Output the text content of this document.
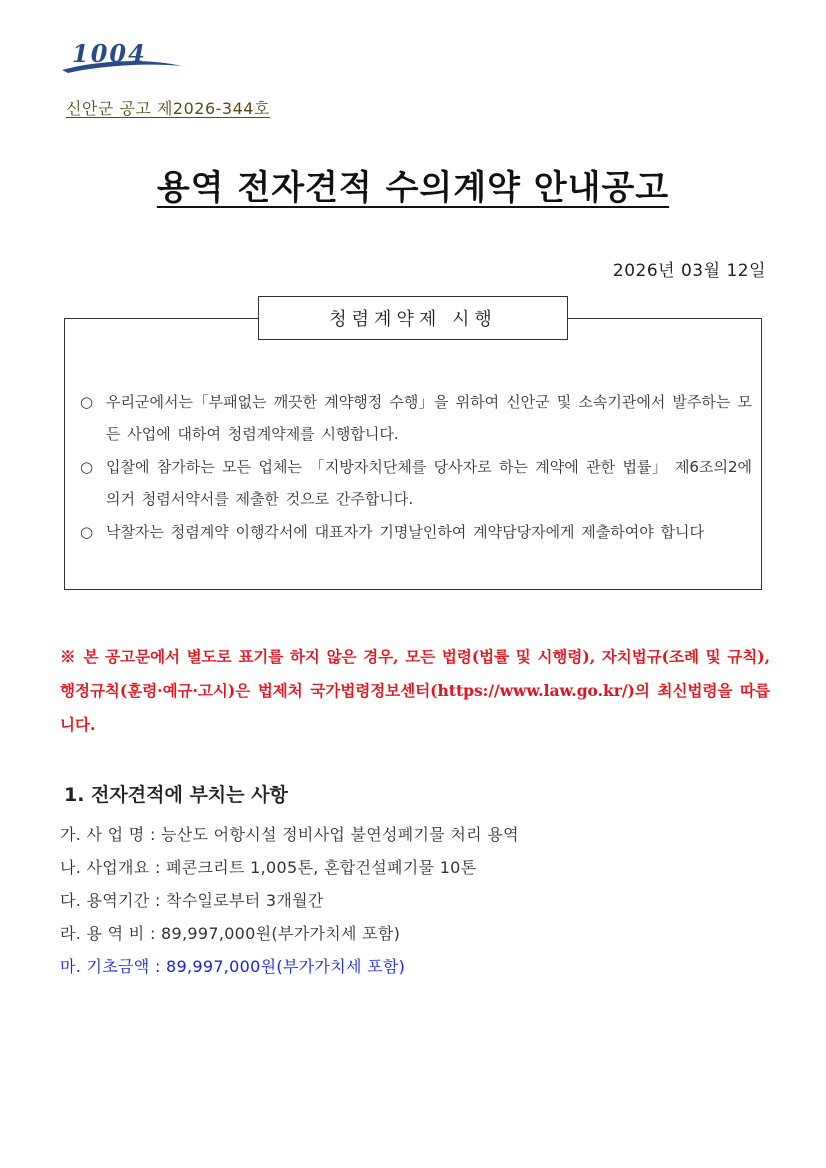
1004
신안군 공고 제2026-344호
용역 전자견적 수의계약 안내공고
2026년 03월 12일
청렴계약제 시행
○ 우리군에서는「부패없는 깨끗한 계약행정 수행」을 위하여 신안군 및 소속기관에서 발주하는 모든 사업에 대하여 청렴계약제를 시행합니다.
○ 입찰에 참가하는 모든 업체는 「지방자치단체를 당사자로 하는 계약에 관한 법률」 제6조의2에 의거 청렴서약서를 제출한 것으로 간주합니다.
○ 낙찰자는 청렴계약 이행각서에 대표자가 기명날인하여 계약담당자에게 제출하여야 합니다
※ 본 공고문에서 별도로 표기를 하지 않은 경우, 모든 법령(법률 및 시행령), 자치법규(조례 및 규칙), 행정규칙(훈령·예규·고시)은 법제처 국가법령정보센터(https://www.law.go.kr/)의 최신법령을 따릅니다.
1. 전자견적에 부치는 사항
가. 사 업 명 : 능산도 어항시설 정비사업 불연성폐기물 처리 용역
나. 사업개요 : 폐콘크리트 1,005톤, 혼합건설폐기물 10톤
다. 용역기간 : 착수일로부터 3개월간
라. 용 역 비 : 89,997,000원(부가가치세 포함)
마. 기초금액 : 89,997,000원(부가가치세 포함)
